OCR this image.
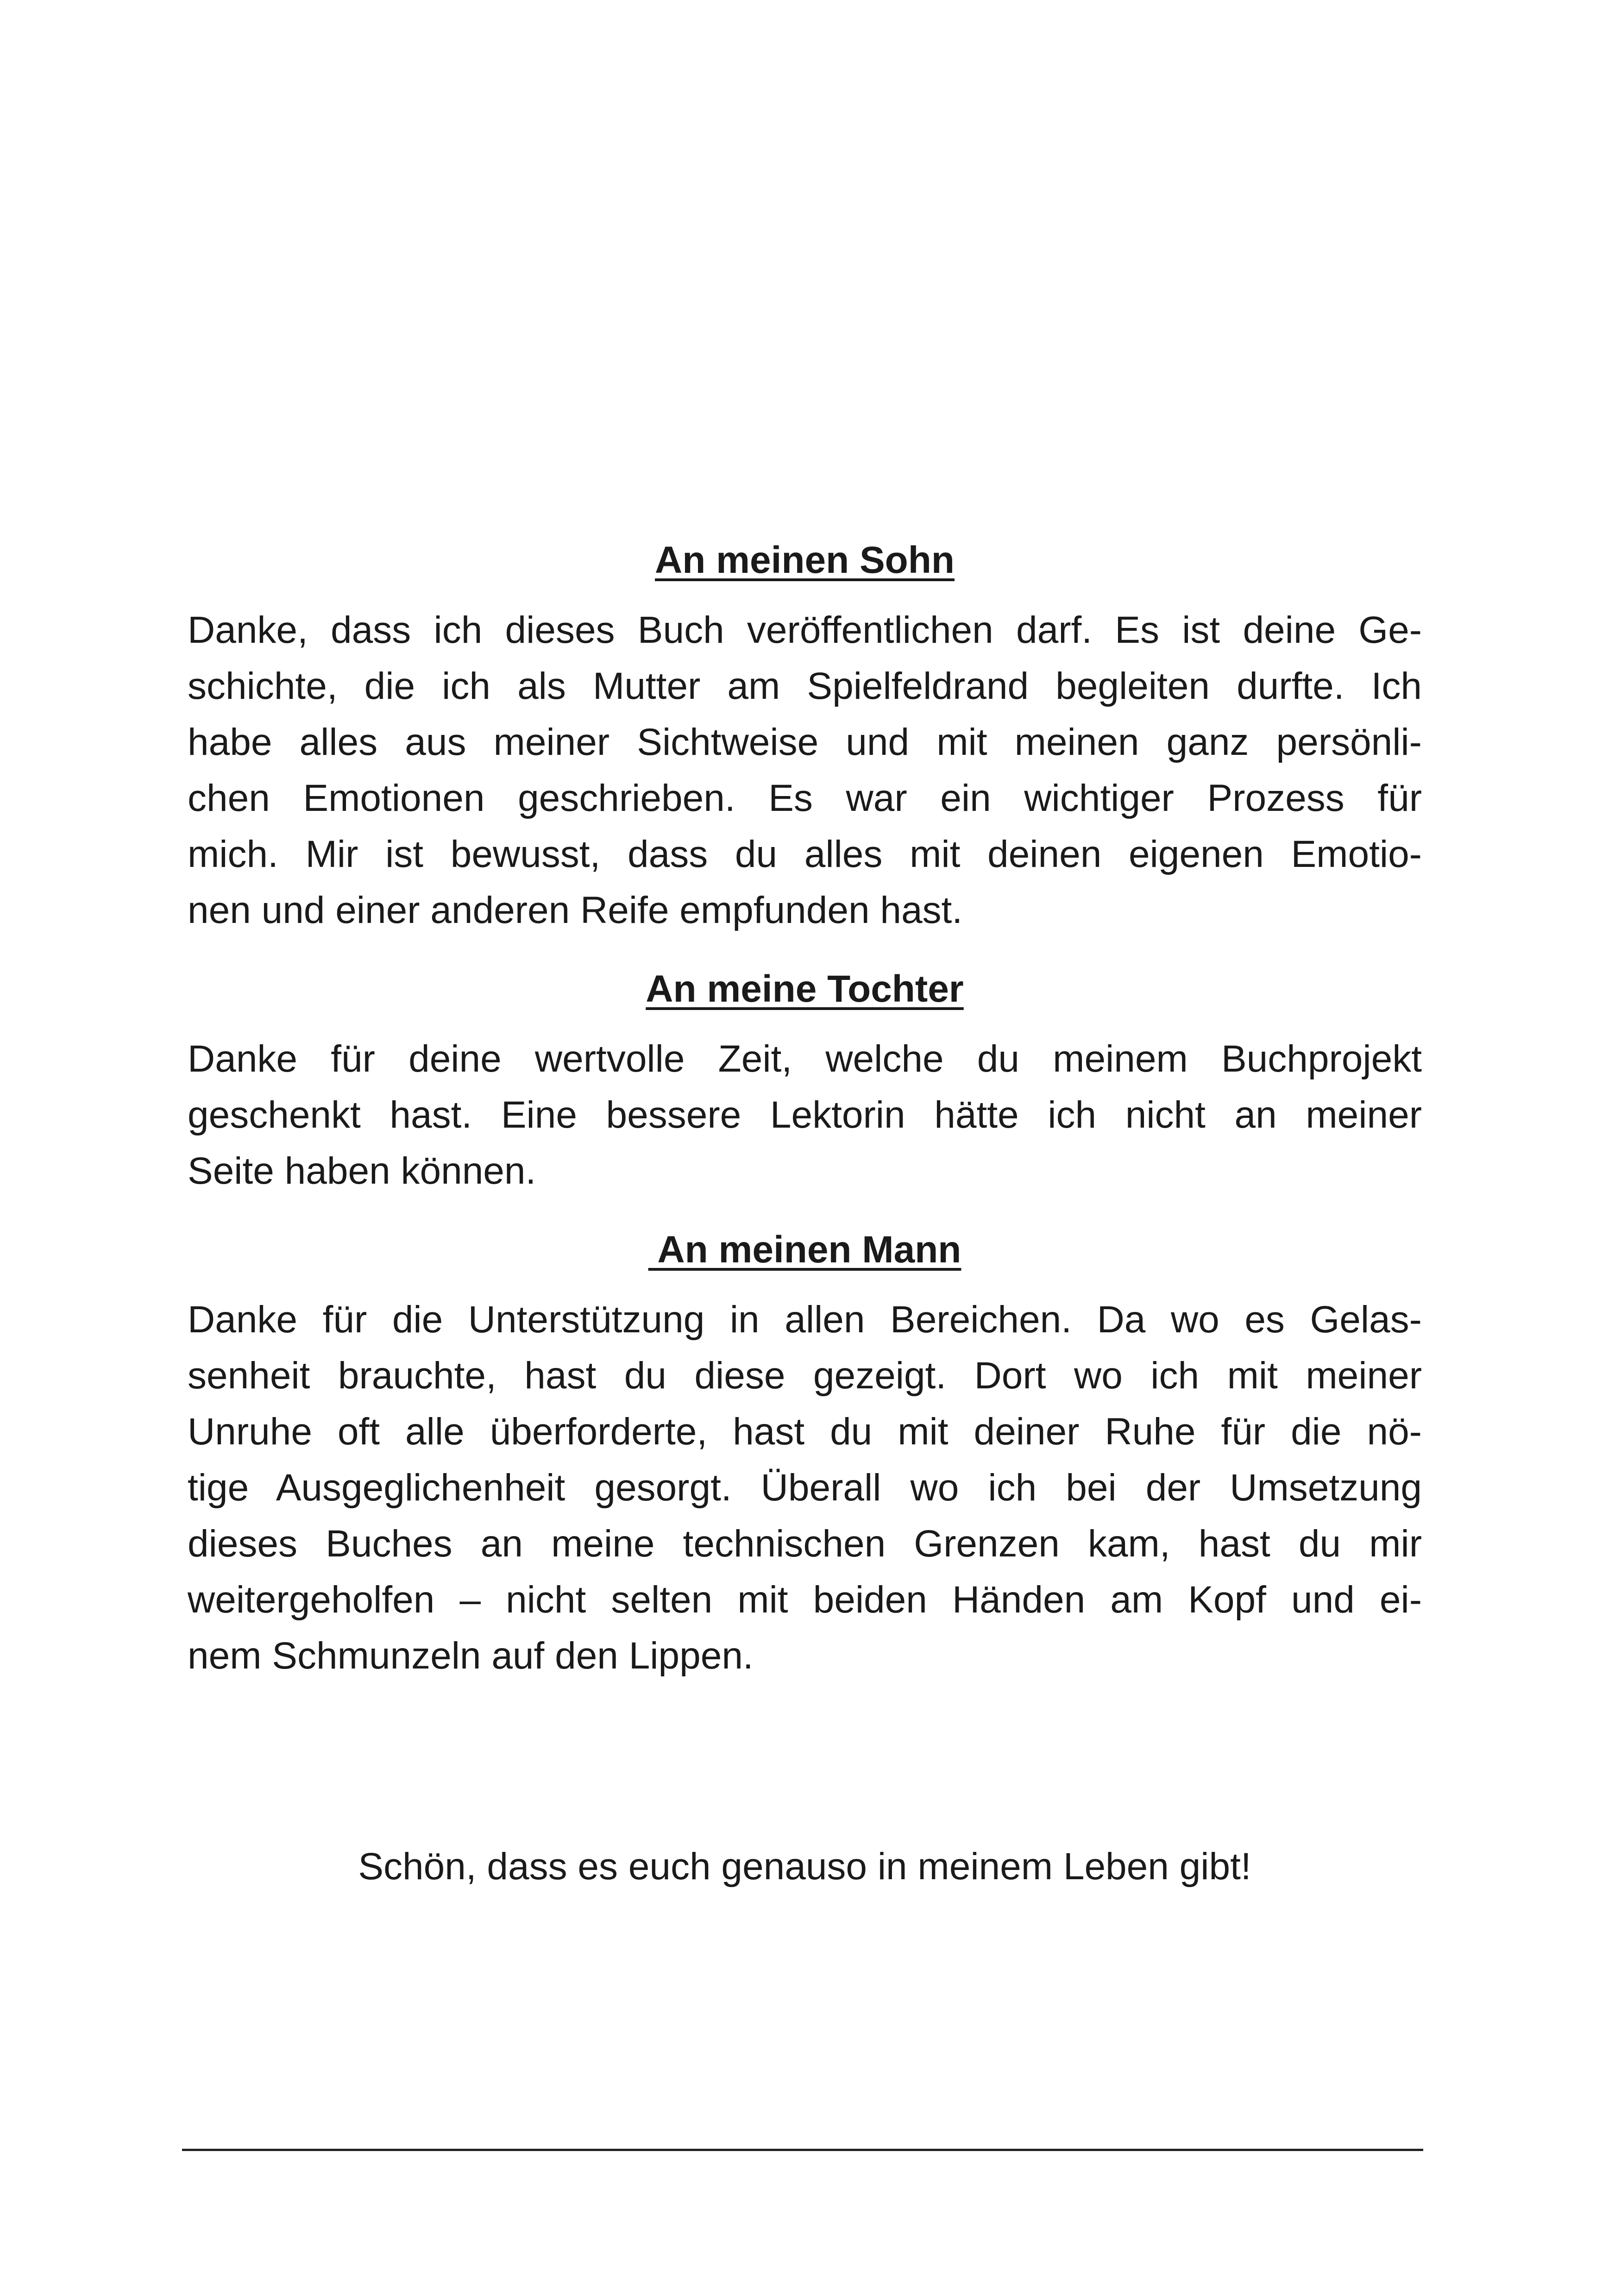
An meinen Sohn

Danke, dass ich dieses Buch veröffentlichen darf. Es ist deine Ge-
schichte, die ich als Mutter am Spielfeldrand begleiten durfte. Ich
habe alles aus meiner Sichtweise und mit meinen ganz persönli-
chen Emotionen geschrieben. Es war ein wichtiger Prozess für
mich. Mir ist bewusst, dass du alles mit deinen eigenen Emotio-
nen und einer anderen Reife empfunden hast.

An meine Tochter

Danke für deine wertvolle Zeit, welche du meinem Buchprojekt
geschenkt hast. Eine bessere Lektorin hätte ich nicht an meiner
Seite haben können.

An meinen Mann

Danke für die Unterstützung in allen Bereichen. Da wo es Gelas-
senheit brauchte, hast du diese gezeigt. Dort wo ich mit meiner
Unruhe oft alle überforderte, hast du mit deiner Ruhe für die nö-
tige Ausgeglichenheit gesorgt. Überall wo ich bei der Umsetzung
dieses Buches an meine technischen Grenzen kam, hast du mir
weitergeholfen – nicht selten mit beiden Händen am Kopf und ei-
nem Schmunzeln auf den Lippen.

Schön, dass es euch genauso in meinem Leben gibt!
